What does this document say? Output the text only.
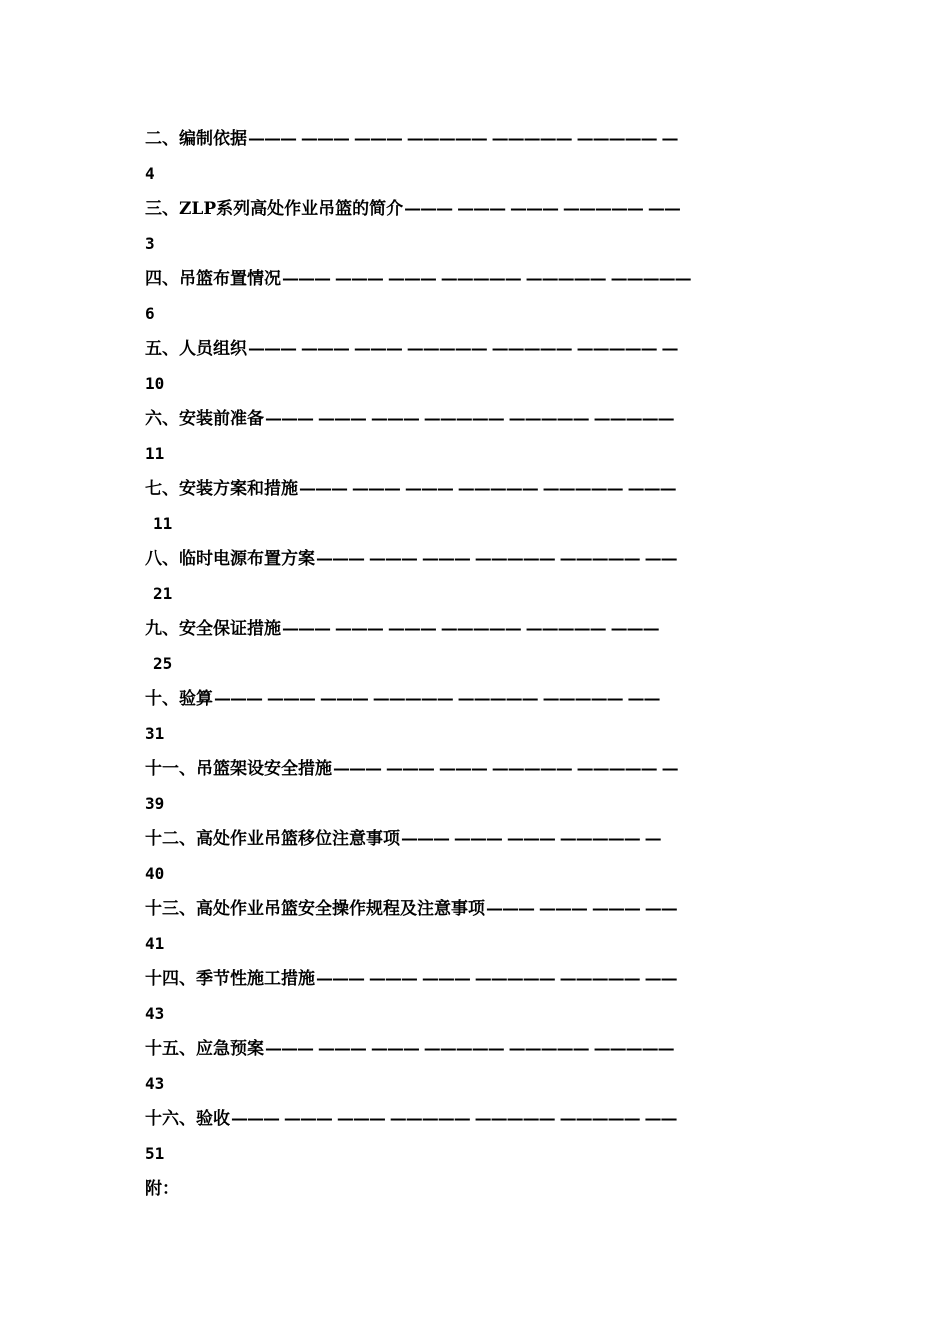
二、编制依据 ——— ——— ——— ————— ————— ————— —
4
三、ZLP系列高处作业吊篮的简介 ——— ——— ——— ————— ——
3
四、吊篮布置情况 ——— ——— ——— ————— ————— —————
6
五、人员组织 ——— ——— ——— ————— ————— ————— —
10
六、安装前准备 ——— ——— ——— ————— ————— —————
11
七、安装方案和措施 ——— ——— ——— ————— ————— ———
11
八、临时电源布置方案 ——— ——— ——— ————— ————— ——
21
九、安全保证措施 ——— ——— ——— ————— ————— ———
25
十、验算 ——— ——— ——— ————— ————— ————— ——
31
十一、吊篮架设安全措施 ——— ——— ——— ————— ————— —
39
十二、高处作业吊篮移位注意事项 ——— ——— ——— ————— —
40
十三、高处作业吊篮安全操作规程及注意事项 ——— ——— ——— ——
41
十四、季节性施工措施 ——— ——— ——— ————— ————— ——
43
十五、应急预案 ——— ——— ——— ————— ————— —————
43
十六、验收 ——— ——— ——— ————— ————— ————— ——
51
附：
